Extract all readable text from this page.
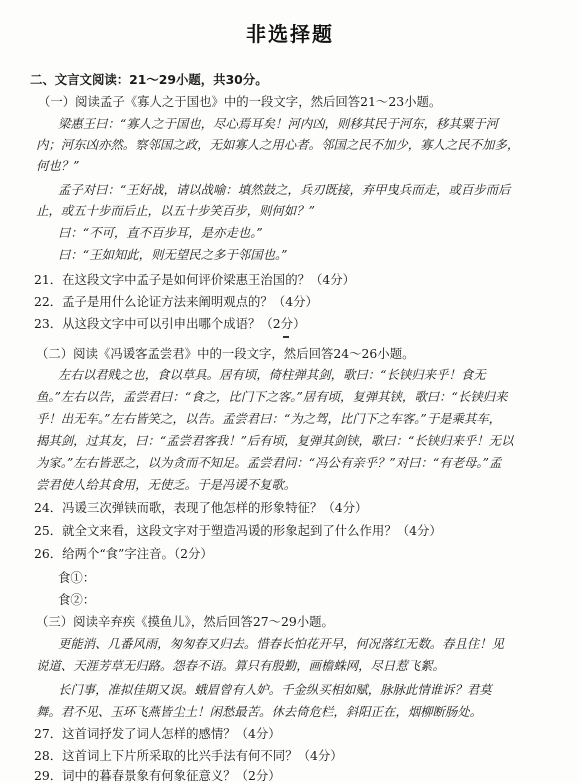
非选择题
二、文言文阅读：21～29小题，共30分。
（一）阅读孟子《寡人之于国也》中的一段文字，然后回答21～23小题。
梁惠王曰：“寡人之于国也，尽心焉耳矣！河内凶，则移其民于河东，移其粟于河
内；河东凶亦然。察邻国之政，无如寡人之用心者。邻国之民不加少，寡人之民不加多，
何也？”
孟子对曰：“王好战，请以战喻：填然鼓之，兵刃既接，弃甲曳兵而走，或百步而后
止，或五十步而后止，以五十步笑百步，则何如？”
曰：“不可，直不百步耳，是亦走也。”
曰：“王如知此，则无望民之多于邻国也。”
21．在这段文字中孟子是如何评价梁惠王治国的？（4分）
22．孟子是用什么论证方法来阐明观点的？（4分）
23．从这段文字中可以引申出哪个成语？（2分）
（二）阅读《冯谖客孟尝君》中的一段文字，然后回答24～26小题。
左右以君贱之也，食以草具。居有顷，倚柱弹其剑，歌曰：“长铗归来乎！食无
鱼。”左右以告，孟尝君曰：“食之，比门下之客。”居有顷，复弹其铗，歌曰：“长铗归来
乎！出无车。”左右皆笑之，以告。孟尝君曰：“为之驾，比门下之车客。”于是乘其车，
揭其剑，过其友，曰：“孟尝君客我！”后有顷，复弹其剑铗，歌曰：“长铗归来乎！无以
为家。”左右皆恶之，以为贪而不知足。孟尝君问：“冯公有亲乎？”对曰：“有老母。”孟
尝君使人给其食用，无使乏。于是冯谖不复歌。
24．冯谖三次弹铗而歌，表现了他怎样的形象特征？（4分）
25．就全文来看，这段文字对于塑造冯谖的形象起到了什么作用？（4分）
26．给两个“食”字注音。（2分）
食①：
食②：
（三）阅读辛弃疾《摸鱼儿》，然后回答27～29小题。
更能消、几番风雨，匆匆春又归去。惜春长怕花开早，何况落红无数。春且住！见
说道、天涯芳草无归路。怨春不语。算只有殷勤，画檐蛛网，尽日惹飞絮。
长门事，准拟佳期又误。蛾眉曾有人妒。千金纵买相如赋，脉脉此情谁诉？君莫
舞。君不见、玉环飞燕皆尘土！闲愁最苦。休去倚危栏，斜阳正在，烟柳断肠处。
27．这首词抒发了词人怎样的感情？（4分）
28．这首词上下片所采取的比兴手法有何不同？（4分）
29．词中的暮春景象有何象征意义？（2分）
